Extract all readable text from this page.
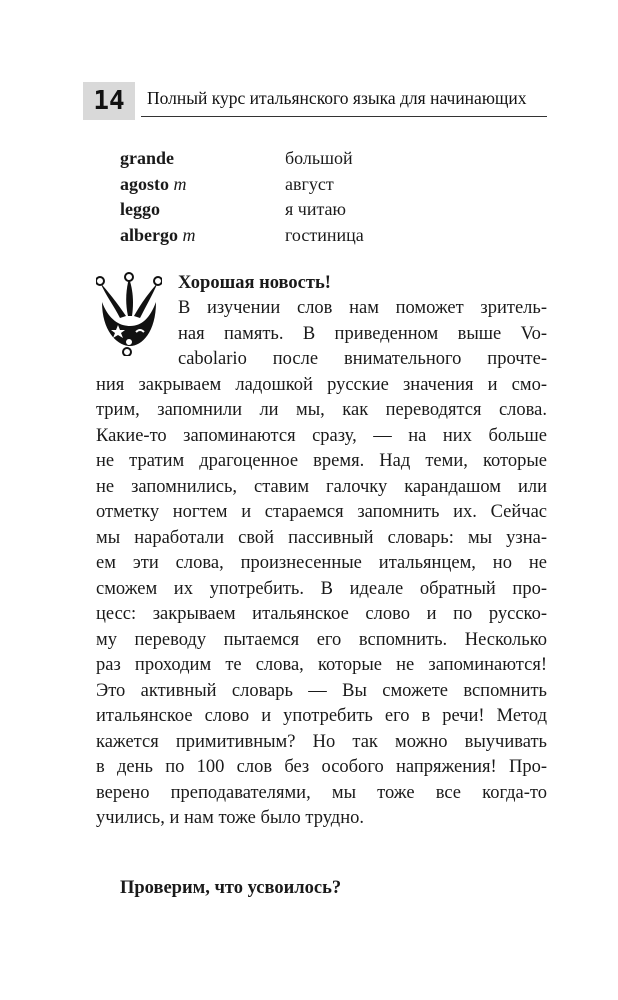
14	Полный курс итальянского языка для начинающих
grande	большой
agosto m	август
leggo	я читаю
albergo m	гостиница
Хорошая новость!
В изучении слов нам поможет зритель-
ная память. В приведенном выше Vo-
cabolario после внимательного прочте-
ния закрываем ладошкой русские значения и смо-
трим, запомнили ли мы, как переводятся слова.
Какие-то запоминаются сразу, — на них больше
не тратим драгоценное время. Над теми, которые
не запомнились, ставим галочку карандашом или
отметку ногтем и стараемся запомнить их. Сейчас
мы наработали свой пассивный словарь: мы узна-
ем эти слова, произнесенные итальянцем, но не
сможем их употребить. В идеале обратный про-
цесс: закрываем итальянское слово и по русско-
му переводу пытаемся его вспомнить. Несколько
раз проходим те слова, которые не запоминаются!
Это активный словарь — Вы сможете вспомнить
итальянское слово и употребить его в речи! Метод
кажется примитивным? Но так можно выучивать
в день по 100 слов без особого напряжения! Про-
верено преподавателями, мы тоже все когда-то
учились, и нам тоже было трудно.
Проверим, что усвоилось?
